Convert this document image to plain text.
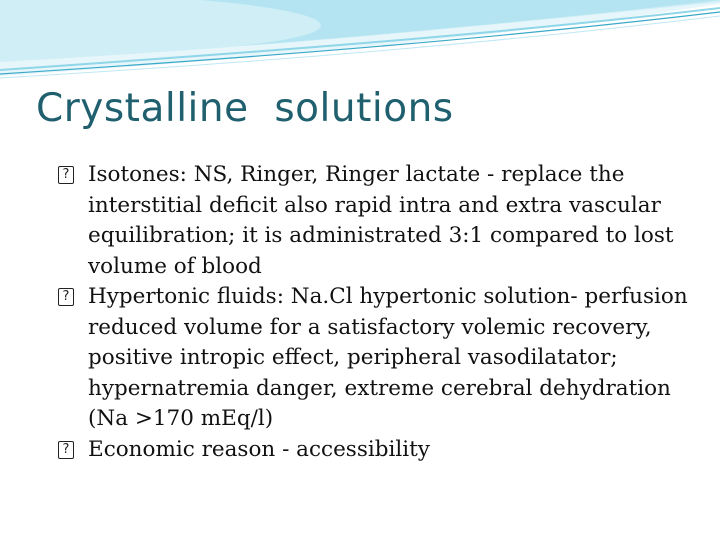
Crystalline  solutions
? Isotones: NS, Ringer, Ringer lactate - replace the interstitial deficit also rapid intra and extra vascular equilibration; it is administrated 3:1 compared to lost volume of blood
? Hypertonic fluids: Na.Cl hypertonic solution- perfusion reduced volume for a satisfactory volemic recovery, positive intropic effect, peripheral vasodilatator; hypernatremia danger, extreme cerebral dehydration (Na >170 mEq/l)
? Economic reason - accessibility
